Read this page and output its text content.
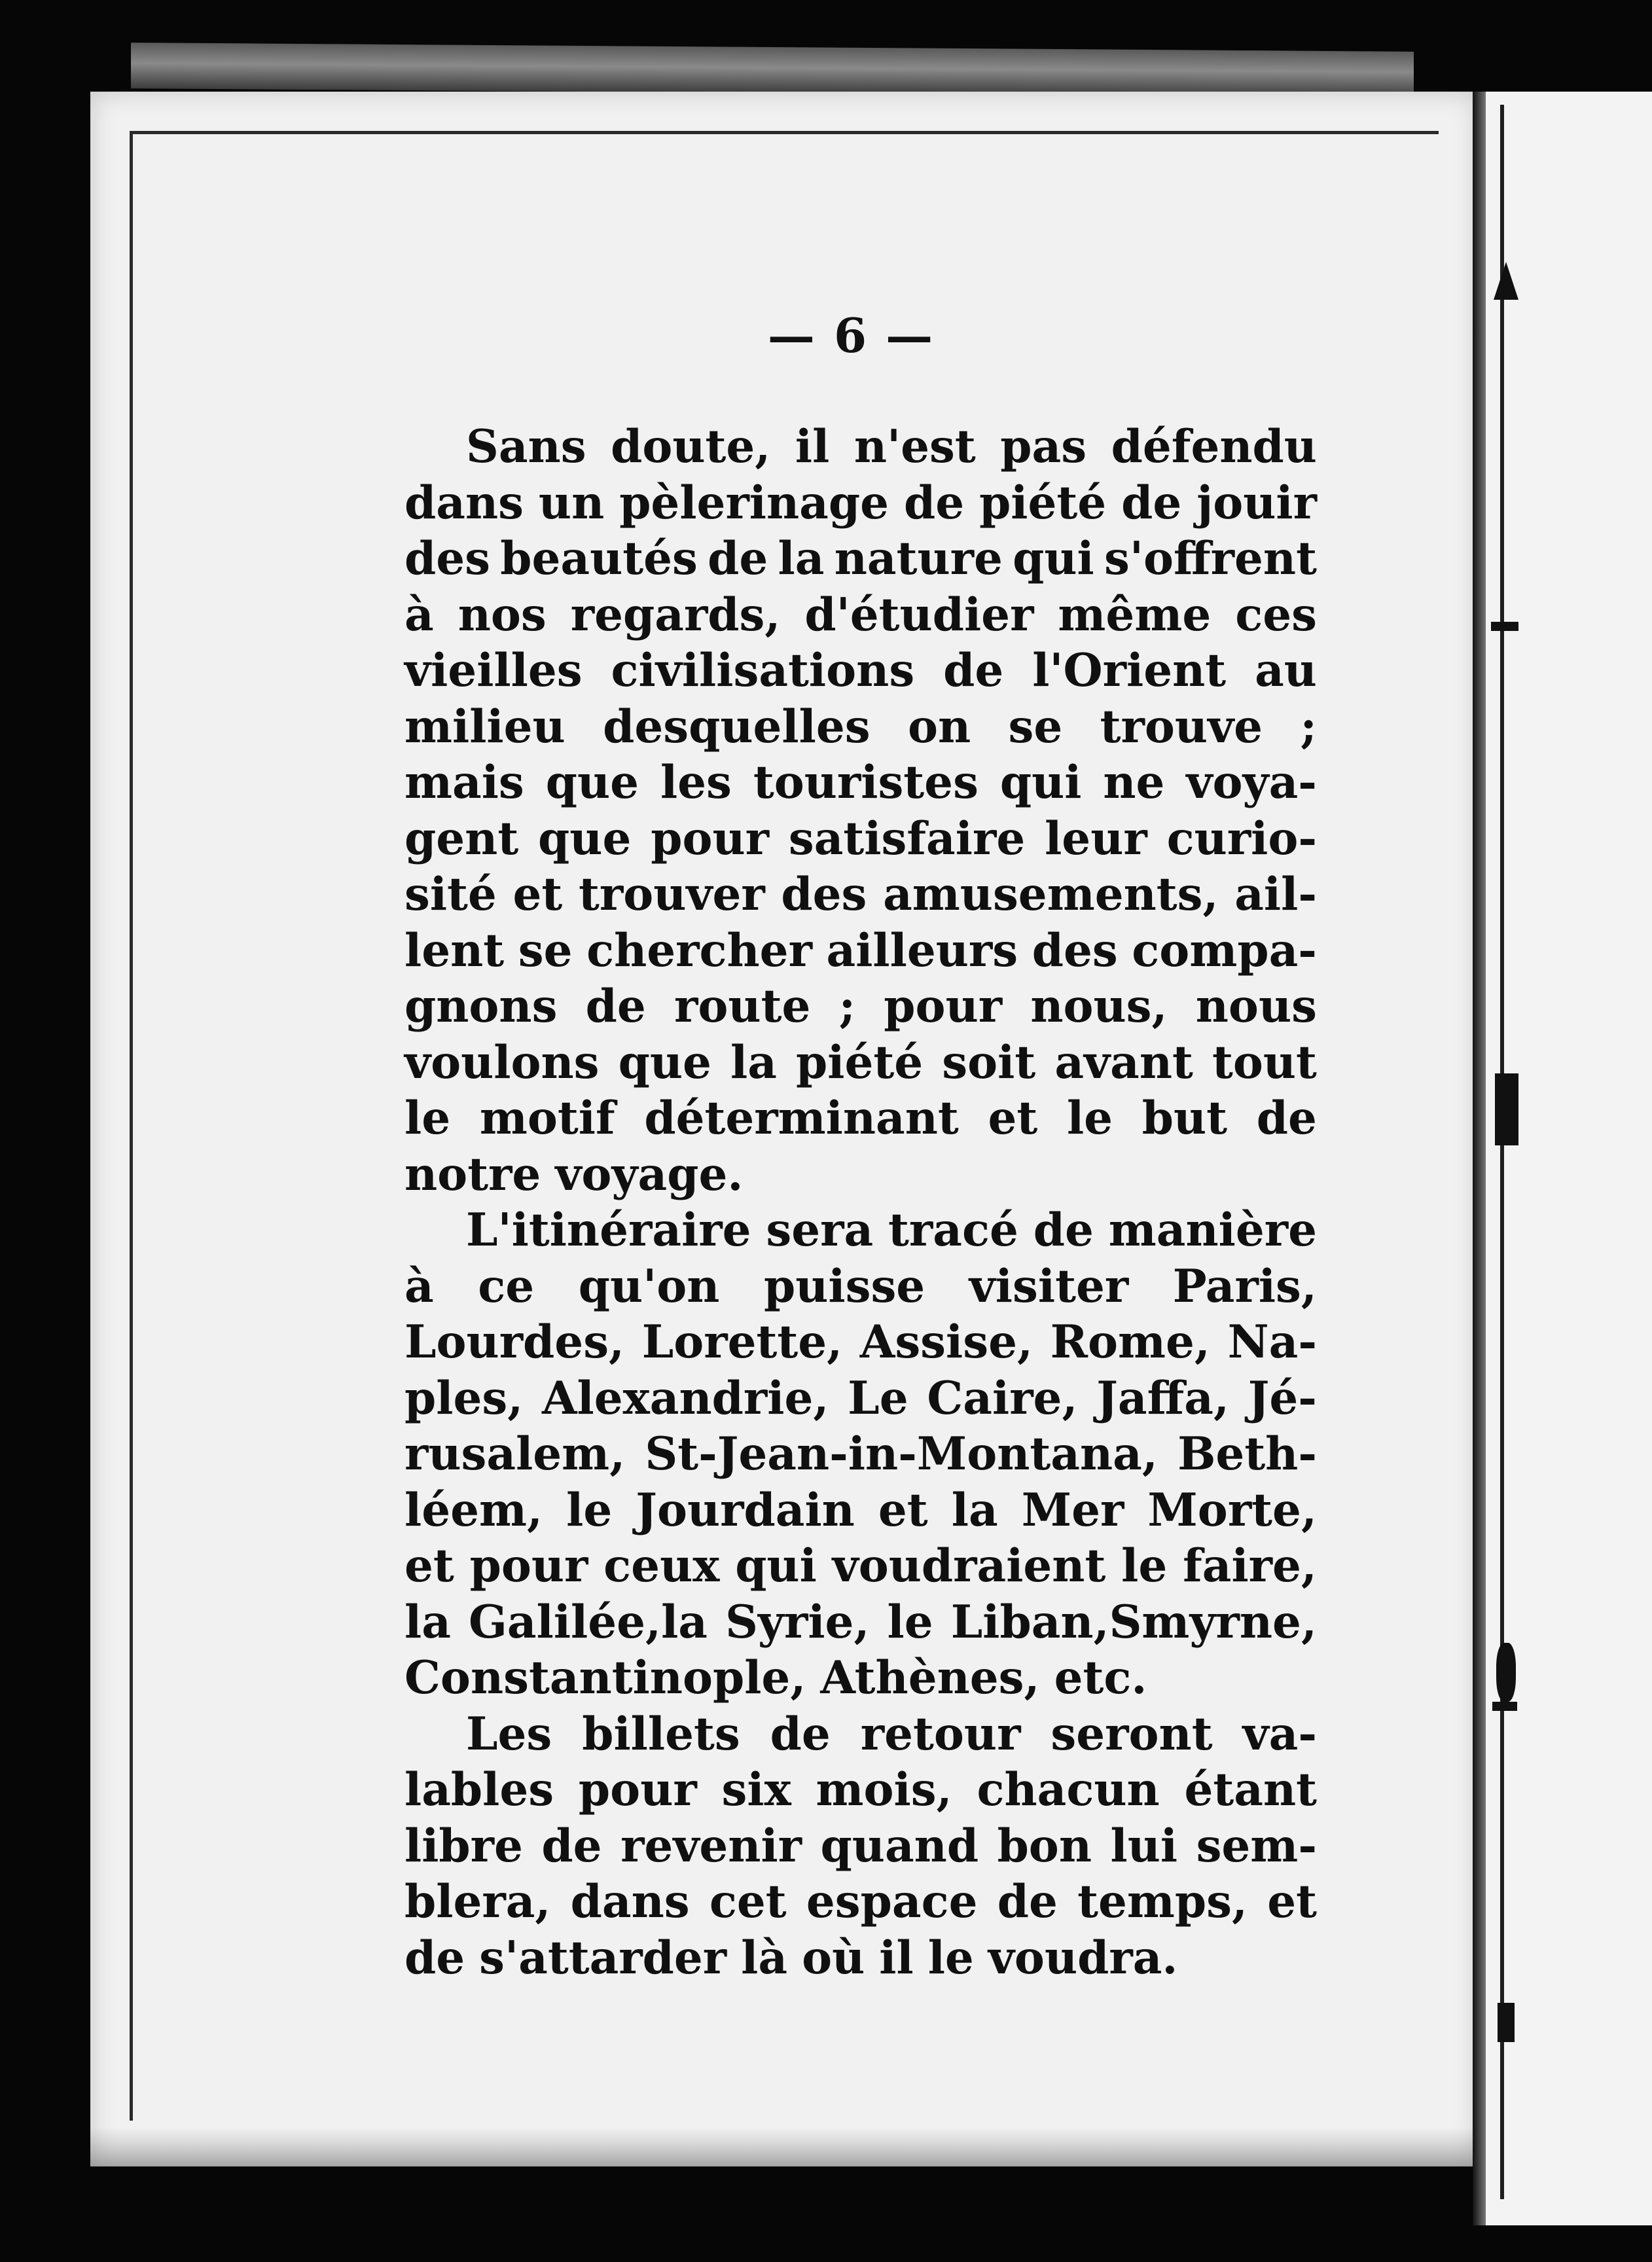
— 6 —
Sans doute, il n'est pas défendu
dans un pèlerinage de piété de jouir
des beautés de la nature qui s'offrent
à nos regards, d'étudier même ces
vieilles civilisations de l'Orient au
milieu desquelles on se trouve ;
mais que les touristes qui ne voya-
gent que pour satisfaire leur curio-
sité et trouver des amusements, ail-
lent se chercher ailleurs des compa-
gnons de route ; pour nous, nous
voulons que la piété soit avant tout
le motif déterminant et le but de
notre voyage.
L'itinéraire sera tracé de manière
à ce qu'on puisse visiter Paris,
Lourdes, Lorette, Assise, Rome, Na-
ples, Alexandrie, Le Caire, Jaffa, Jé-
rusalem, St-Jean-in-Montana, Beth-
léem, le Jourdain et la Mer Morte,
et pour ceux qui voudraient le faire,
la Galilée,la Syrie, le Liban,Smyrne,
Constantinople, Athènes, etc.
Les billets de retour seront va-
lables pour six mois, chacun étant
libre de revenir quand bon lui sem-
blera, dans cet espace de temps, et
de s'attarder là où il le voudra.
